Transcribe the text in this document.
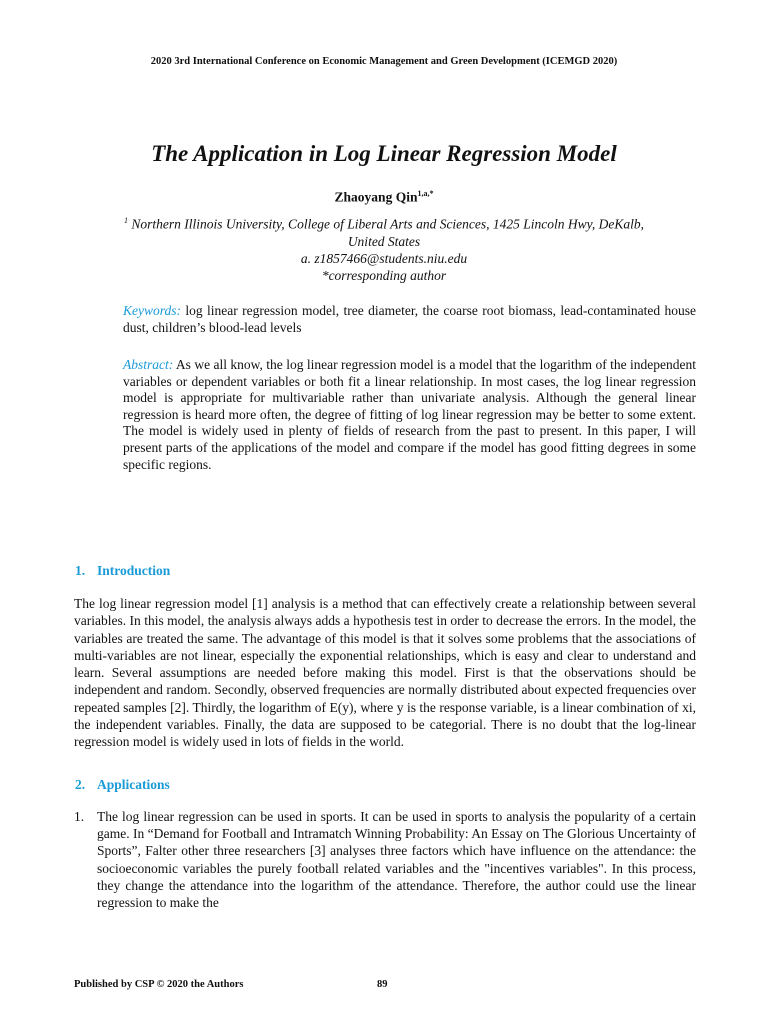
2020 3rd International Conference on Economic Management and Green Development (ICEMGD 2020)
The Application in Log Linear Regression Model
Zhaoyang Qin$^{1,a,*}$
$^1$ Northern Illinois University, College of Liberal Arts and Sciences, 1425 Lincoln Hwy, DeKalb,
United States
a. z1857466@students.niu.edu
*corresponding author
Keywords: log linear regression model, tree diameter, the coarse root biomass, lead-contaminated house dust, children’s blood-lead levels
Abstract: As we all know, the log linear regression model is a model that the logarithm of the independent variables or dependent variables or both fit a linear relationship. In most cases, the log linear regression model is appropriate for multivariable rather than univariate analysis. Although the general linear regression is heard more often, the degree of fitting of log linear regression may be better to some extent. The model is widely used in plenty of fields of research from the past to present. In this paper, I will present parts of the applications of the model and compare if the model has good fitting degrees in some specific regions.
1. Introduction
The log linear regression model [1] analysis is a method that can effectively create a relationship between several variables. In this model, the analysis always adds a hypothesis test in order to decrease the errors. In the model, the variables are treated the same. The advantage of this model is that it solves some problems that the associations of multi-variables are not linear, especially the exponential relationships, which is easy and clear to understand and learn. Several assumptions are needed before making this model. First is that the observations should be independent and random. Secondly, observed frequencies are normally distributed about expected frequencies over repeated samples [2]. Thirdly, the logarithm of E(y), where y is the response variable, is a linear combination of xi, the independent variables. Finally, the data are supposed to be categorial. There is no doubt that the log-linear regression model is widely used in lots of fields in the world.
2. Applications
1. The log linear regression can be used in sports. It can be used in sports to analysis the popularity of a certain game. In “Demand for Football and Intramatch Winning Probability: An Essay on The Glorious Uncertainty of Sports”, Falter other three researchers [3] analyses three factors which have influence on the attendance: the socioeconomic variables the purely football related variables and the "incentives variables". In this process, they change the attendance into the logarithm of the attendance. Therefore, the author could use the linear regression to make the
Published by CSP © 2020 the Authors	89
